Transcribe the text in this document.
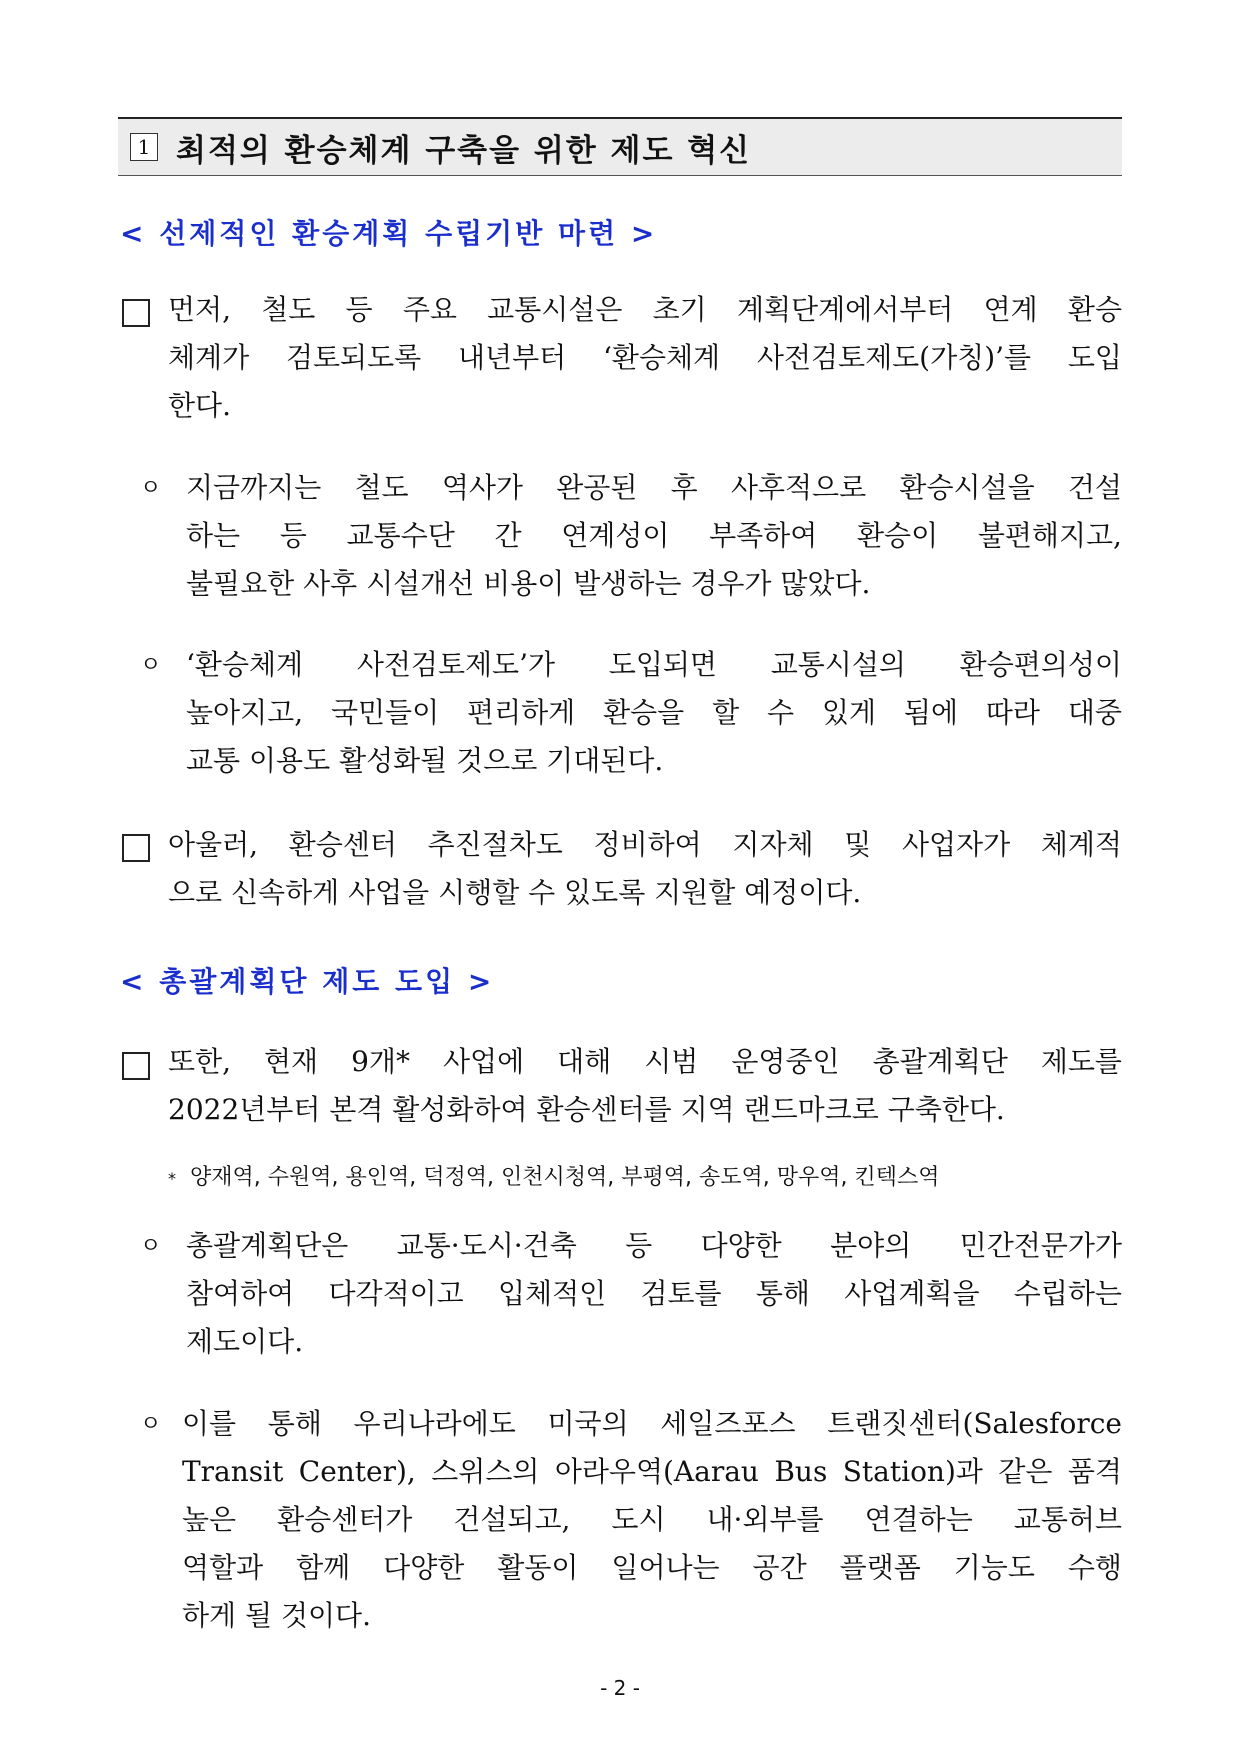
1 최적의 환승체계 구축을 위한 제도 혁신
< 선제적인 환승계획 수립기반 마련 >
먼저, 철도 등 주요 교통시설은 초기 계획단계에서부터 연계 환승
체계가 검토되도록 내년부터 ‘환승체계 사전검토제도(가칭)’를 도입
한다.
ㅇ 지금까지는 철도 역사가 완공된 후 사후적으로 환승시설을 건설
하는 등 교통수단 간 연계성이 부족하여 환승이 불편해지고,
불필요한 사후 시설개선 비용이 발생하는 경우가 많았다.
ㅇ ‘환승체계 사전검토제도’가 도입되면 교통시설의 환승편의성이
높아지고, 국민들이 편리하게 환승을 할 수 있게 됨에 따라 대중
교통 이용도 활성화될 것으로 기대된다.
아울러, 환승센터 추진절차도 정비하여 지자체 및 사업자가 체계적
으로 신속하게 사업을 시행할 수 있도록 지원할 예정이다.
< 총괄계획단 제도 도입 >
또한, 현재 9개* 사업에 대해 시범 운영중인 총괄계획단 제도를
2022년부터 본격 활성화하여 환승센터를 지역 랜드마크로 구축한다.
* 양재역, 수원역, 용인역, 덕정역, 인천시청역, 부평역, 송도역, 망우역, 킨텍스역
ㅇ 총괄계획단은 교통·도시·건축 등 다양한 분야의 민간전문가가
참여하여 다각적이고 입체적인 검토를 통해 사업계획을 수립하는
제도이다.
ㅇ 이를 통해 우리나라에도 미국의 세일즈포스 트랜짓센터(Salesforce
Transit Center), 스위스의 아라우역(Aarau Bus Station)과 같은 품격
높은 환승센터가 건설되고, 도시 내·외부를 연결하는 교통허브
역할과 함께 다양한 활동이 일어나는 공간 플랫폼 기능도 수행
하게 될 것이다.
- 2 -
